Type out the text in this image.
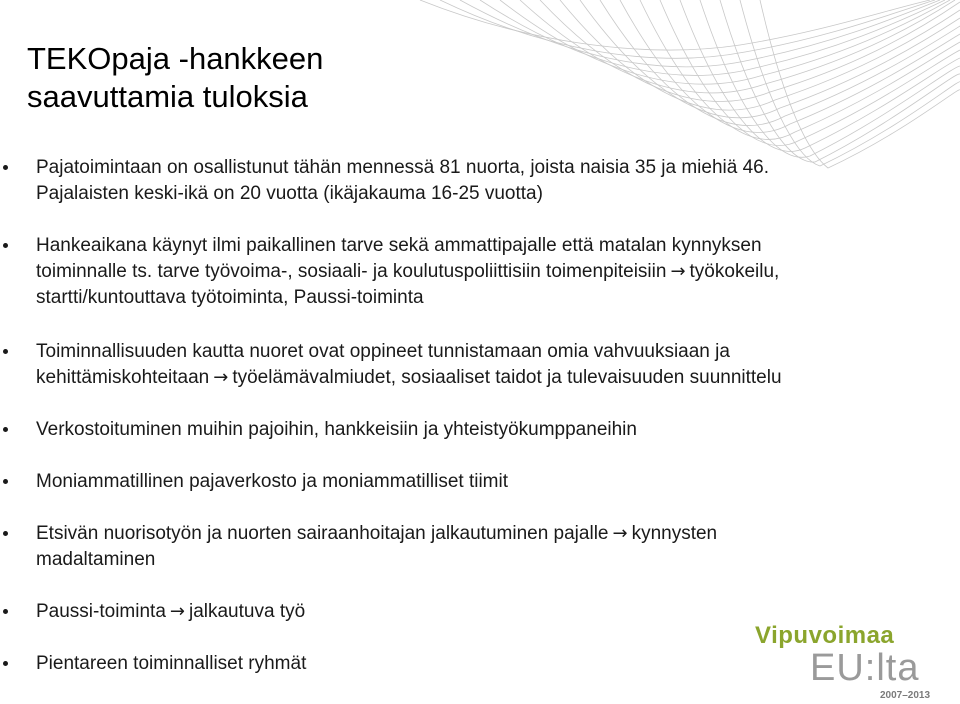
TEKOpaja -hankkeen
saavuttamia tuloksia
Pajatoimintaan on osallistunut tähän mennessä 81 nuorta, joista naisia 35 ja miehiä 46.
Pajalaisten keski-ikä on 20 vuotta (ikäjakauma 16-25 vuotta)
Hankeaikana käynyt ilmi paikallinen tarve sekä ammattipajalle että matalan kynnyksen
toiminnalle ts. tarve työvoima-, sosiaali- ja koulutuspoliittisiin toimenpiteisiin → työkokeilu,
startti/kuntouttava työtoiminta, Paussi-toiminta
Toiminnallisuuden kautta nuoret ovat oppineet tunnistamaan omia vahvuuksiaan ja
kehittämiskohteitaan → työelämävalmiudet, sosiaaliset taidot ja tulevaisuuden suunnittelu
Verkostoituminen muihin pajoihin, hankkeisiin ja yhteistyökumppaneihin
Moniammatillinen pajaverkosto ja moniammatilliset tiimit
Etsivän nuorisotyön ja nuorten sairaanhoitajan jalkautuminen pajalle → kynnysten
madaltaminen
Paussi-toiminta → jalkautuva työ
Pientareen toiminnalliset ryhmät
Vipuvoimaa
EU:lta
2007–2013
